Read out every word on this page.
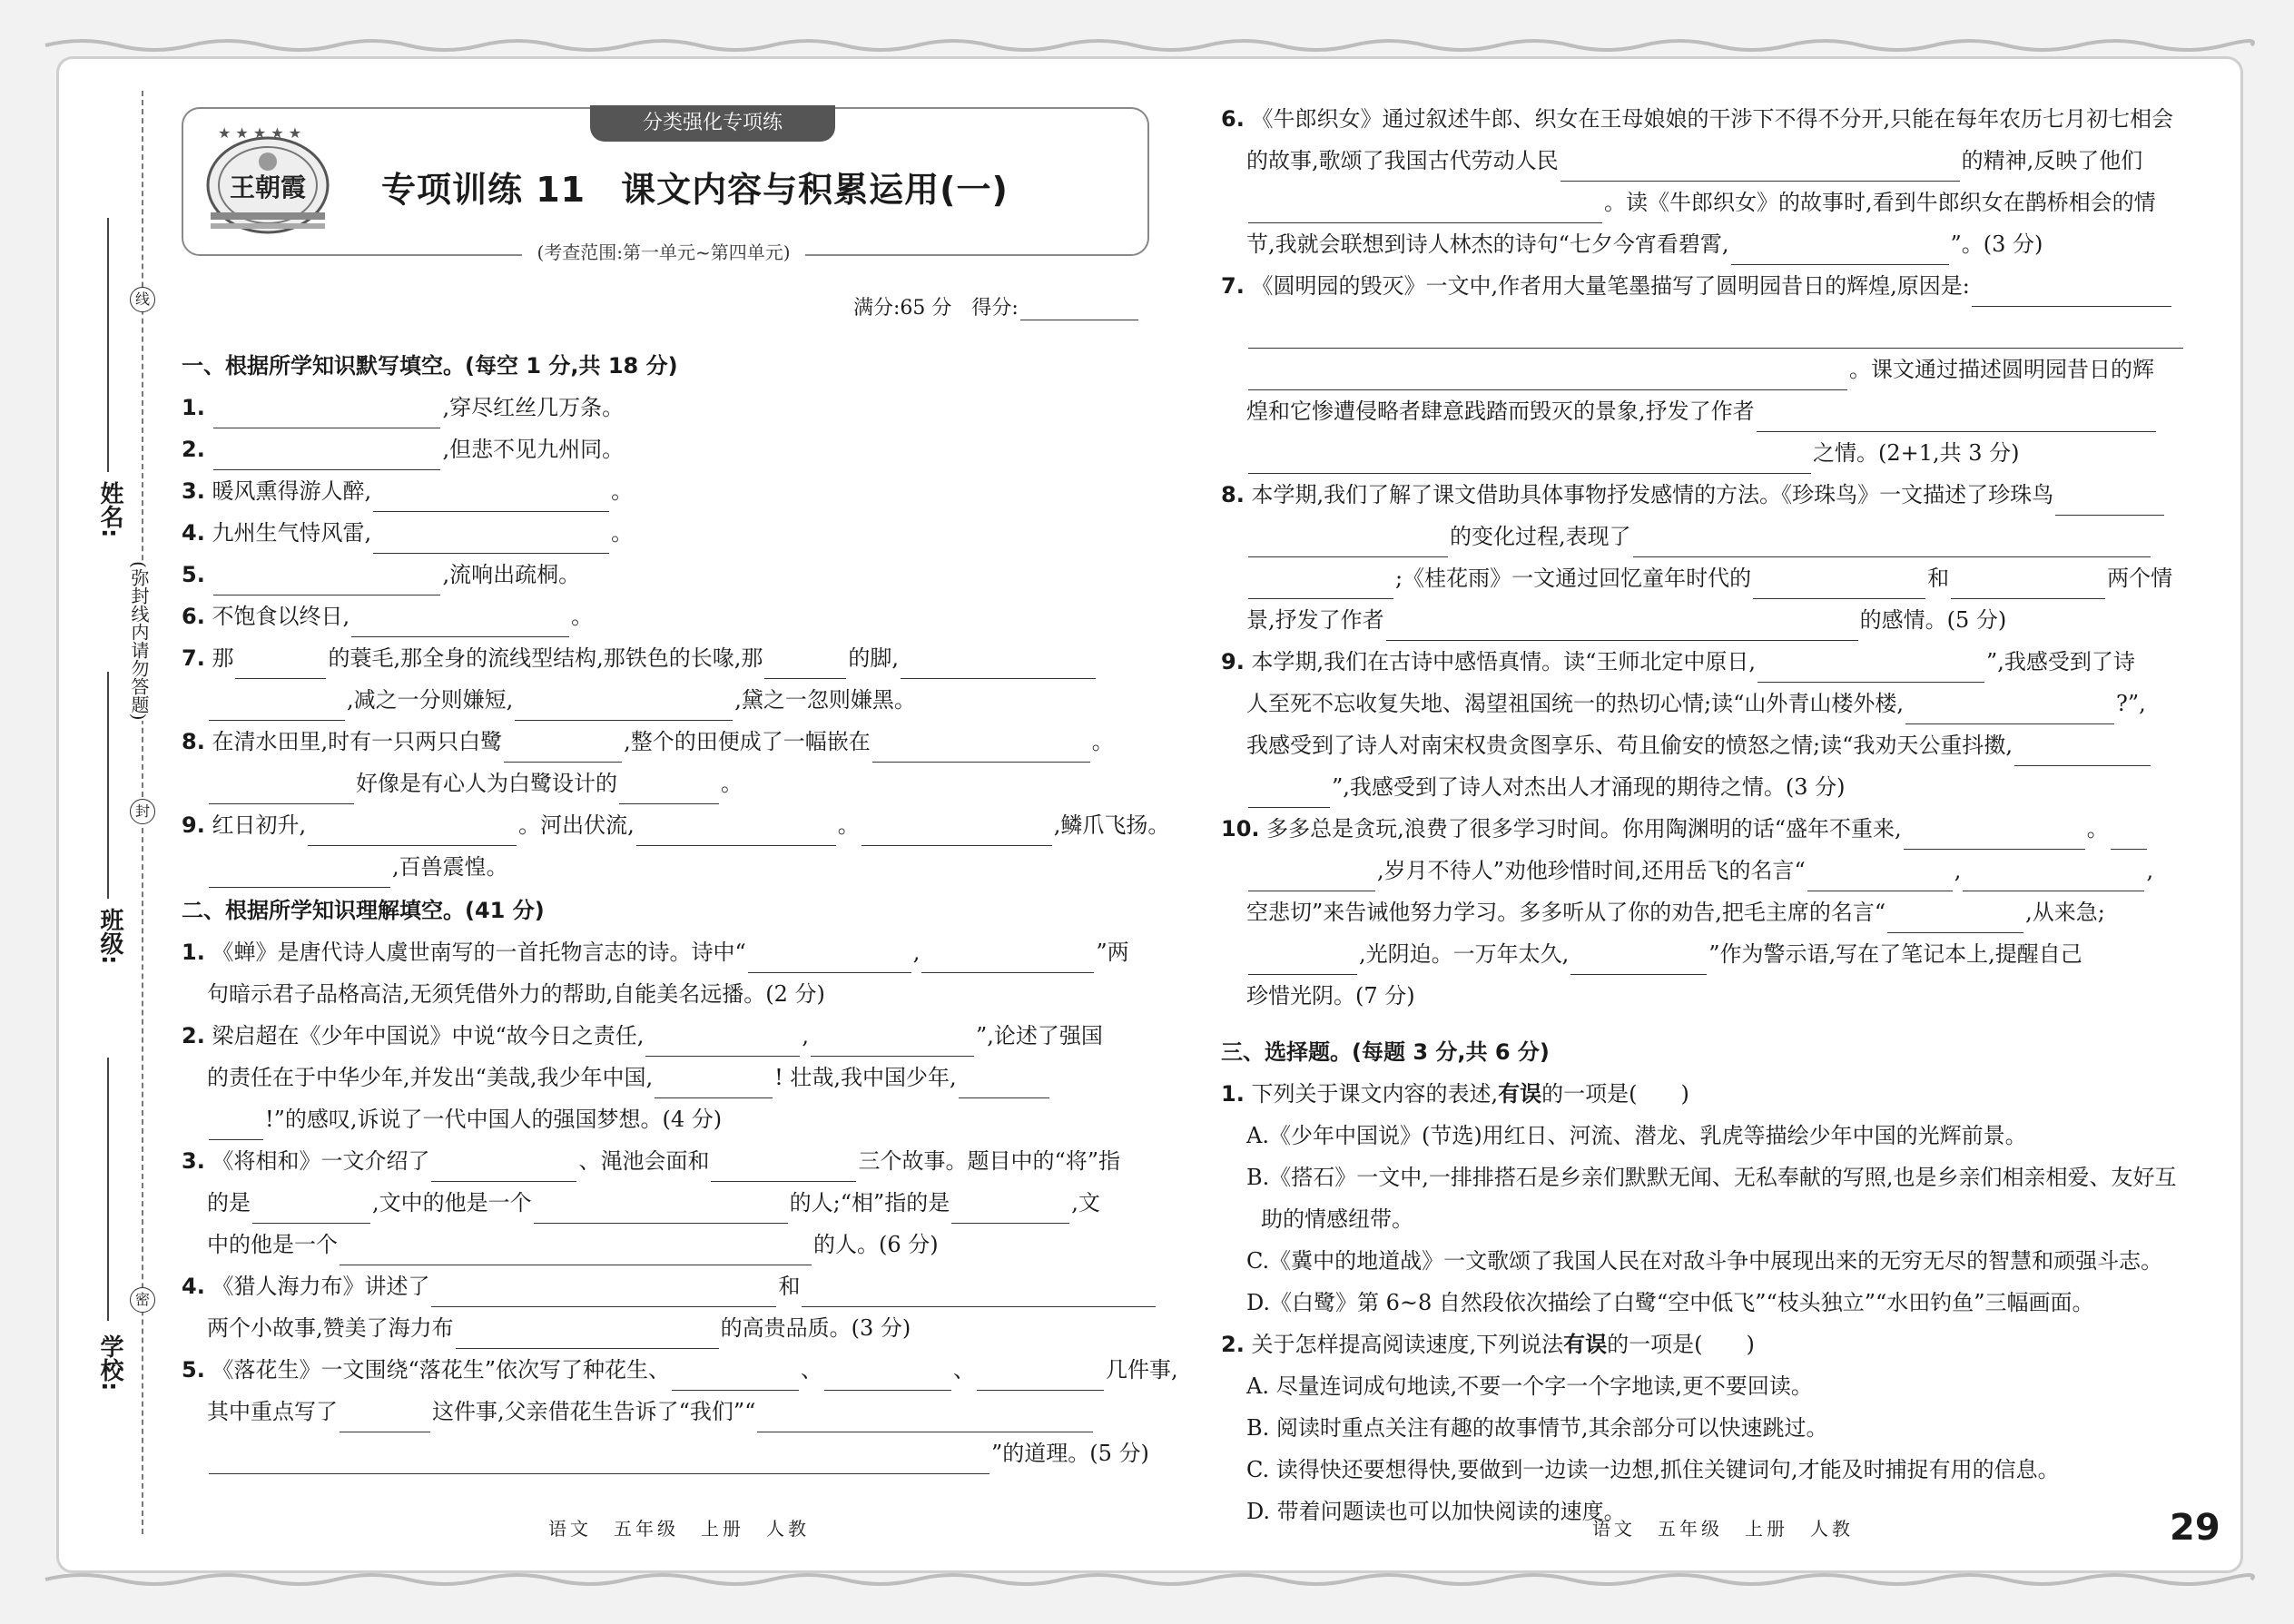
线
封
密
(弥封线内请勿答题)
姓名:
班级:
学校:
分类强化专项练
★ ★ ★ ★ ★
王朝霞 专项训练 11　课文内容与积累运用(一)
(考查范围:第一单元~第四单元)
满分:65 分　得分:
一、根据所学知识默写填空。(每空 1 分,共 18 分)
1.	,穿尽红丝几万条。
2.	,但悲不见九州同。
3. 暖风熏得游人醉,	。
4. 九州生气恃风雷,	。
5.	,流响出疏桐。
6. 不饱食以终日,	。
7. 那	的蓑毛,那全身的流线型结构,那铁色的长喙,那	的脚,
,减之一分则嫌短,	,黛之一忽则嫌黑。
8. 在清水田里,时有一只两只白鹭	,整个的田便成了一幅嵌在	。
好像是有心人为白鹭设计的	。
9. 红日初升,	。河出伏流,	。	,鳞爪飞扬。
,百兽震惶。
二、根据所学知识理解填空。(41 分)
1. 《蝉》是唐代诗人虞世南写的一首托物言志的诗。诗中“	,	”两
句暗示君子品格高洁,无须凭借外力的帮助,自能美名远播。(2 分)
2. 梁启超在《少年中国说》中说“故今日之责任,	,	”,论述了强国
的责任在于中华少年,并发出“美哉,我少年中国,	! 壮哉,我中国少年,
!”的感叹,诉说了一代中国人的强国梦想。(4 分)
3. 《将相和》一文介绍了	、渑池会面和	三个故事。题目中的“将”指
的是	,文中的他是一个	的人;“相”指的是	,文
中的他是一个	的人。(6 分)
4. 《猎人海力布》讲述了	和
两个小故事,赞美了海力布	的高贵品质。(3 分)
5. 《落花生》一文围绕“落花生”依次写了种花生、	、	、	几件事,
其中重点写了	这件事,父亲借花生告诉了“我们”“
”的道理。(5 分)
6. 《牛郎织女》通过叙述牛郎、织女在王母娘娘的干涉下不得不分开,只能在每年农历七月初七相会
的故事,歌颂了我国古代劳动人民	的精神,反映了他们
。读《牛郎织女》的故事时,看到牛郎织女在鹊桥相会的情
节,我就会联想到诗人林杰的诗句“七夕今宵看碧霄,	”。(3 分)
7. 《圆明园的毁灭》一文中,作者用大量笔墨描写了圆明园昔日的辉煌,原因是:
。课文通过描述圆明园昔日的辉
煌和它惨遭侵略者肆意践踏而毁灭的景象,抒发了作者
之情。(2+1,共 3 分)
8. 本学期,我们了解了课文借助具体事物抒发感情的方法。《珍珠鸟》一文描述了珍珠鸟
的变化过程,表现了
;《桂花雨》一文通过回忆童年时代的	和	两个情
景,抒发了作者	的感情。(5 分)
9. 本学期,我们在古诗中感悟真情。读“王师北定中原日,	”,我感受到了诗
人至死不忘收复失地、渴望祖国统一的热切心情;读“山外青山楼外楼,	?”,
我感受到了诗人对南宋权贵贪图享乐、苟且偷安的愤怒之情;读“我劝天公重抖擞,
”,我感受到了诗人对杰出人才涌现的期待之情。(3 分)
10. 多多总是贪玩,浪费了很多学习时间。你用陶渊明的话“盛年不重来,	。
,岁月不待人”劝他珍惜时间,还用岳飞的名言“	,	,
空悲切”来告诫他努力学习。多多听从了你的劝告,把毛主席的名言“	,从来急;
,光阴迫。一万年太久,	”作为警示语,写在了笔记本上,提醒自己
珍惜光阴。(7 分)
三、选择题。(每题 3 分,共 6 分)
1. 下列关于课文内容的表述,有误的一项是(　　)
A.《少年中国说》(节选)用红日、河流、潜龙、乳虎等描绘少年中国的光辉前景。
B.《搭石》一文中,一排排搭石是乡亲们默默无闻、无私奉献的写照,也是乡亲们相亲相爱、友好互
助的情感纽带。
C.《冀中的地道战》一文歌颂了我国人民在对敌斗争中展现出来的无穷无尽的智慧和顽强斗志。
D.《白鹭》第 6~8 自然段依次描绘了白鹭“空中低飞”“枝头独立”“水田钓鱼”三幅画面。
2. 关于怎样提高阅读速度,下列说法有误的一项是(　　)
A. 尽量连词成句地读,不要一个字一个字地读,更不要回读。
B. 阅读时重点关注有趣的故事情节,其余部分可以快速跳过。
C. 读得快还要想得快,要做到一边读一边想,抓住关键词句,才能及时捕捉有用的信息。
D. 带着问题读也可以加快阅读的速度。
语文　五年级　上册　人教	语文　五年级　上册　人教	29
